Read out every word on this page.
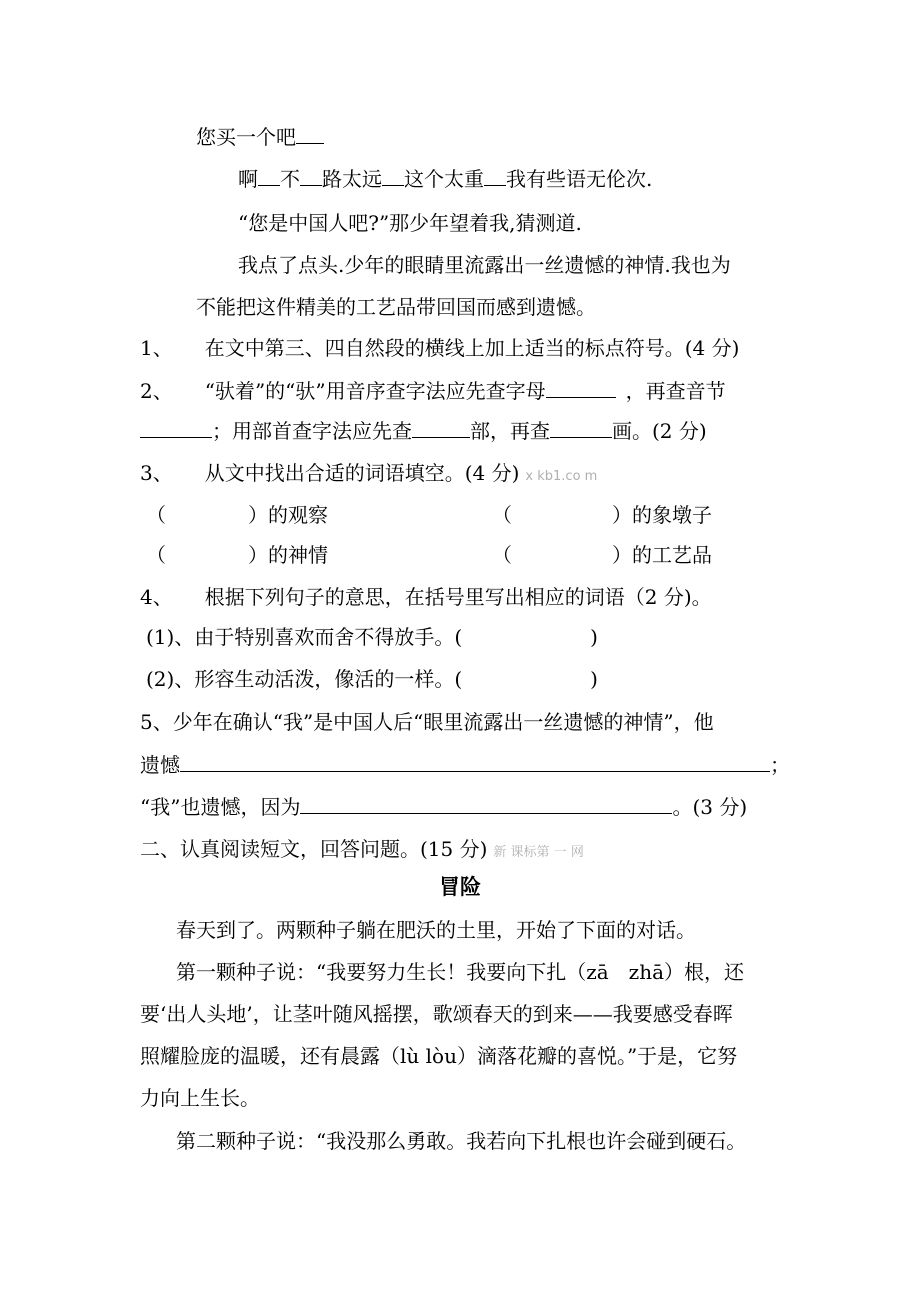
您买一个吧
啊 不 路太远 这个太重 我有些语无伦次.
“您是中国人吧?”那少年望着我,猜测道.
我点了点头.少年的眼睛里流露出一丝遗憾的神情.我也为
不能把这件精美的工艺品带回国而感到遗憾。
1、 在文中第三、四自然段的横线上加上适当的标点符号。(4 分)
2、 “驮着”的“驮”用音序查字法应先查字母	，再查音节
；用部首查字法应先查	部，再查	画。(2 分)
3、 从文中找出合适的词语填空。(4 分) x kb1.co m
（	）的观察	（	）的象墩子
（	）的神情	（	）的工艺品
4、 根据下列句子的意思，在括号里写出相应的词语（2 分)。
(1)、由于特别喜欢而舍不得放手。(	)
(2)、形容生动活泼，像活的一样。(	)
5、少年在确认“我”是中国人后“眼里流露出一丝遗憾的神情”，他
遗憾	；
“我”也遗憾，因为	。(3 分)
二、认真阅读短文，回答问题。(15 分) 新 课标第 一 网
冒险
春天到了。两颗种子躺在肥沃的土里，开始了下面的对话。
第一颗种子说：“我要努力生长！我要向下扎（zā　zhā）根，还
要‘出人头地’，让茎叶随风摇摆，歌颂春天的到来——我要感受春晖
照耀脸庞的温暖，还有晨露（lù lòu）滴落花瓣的喜悦。”于是，它努
力向上生长。
第二颗种子说：“我没那么勇敢。我若向下扎根也许会碰到硬石。
